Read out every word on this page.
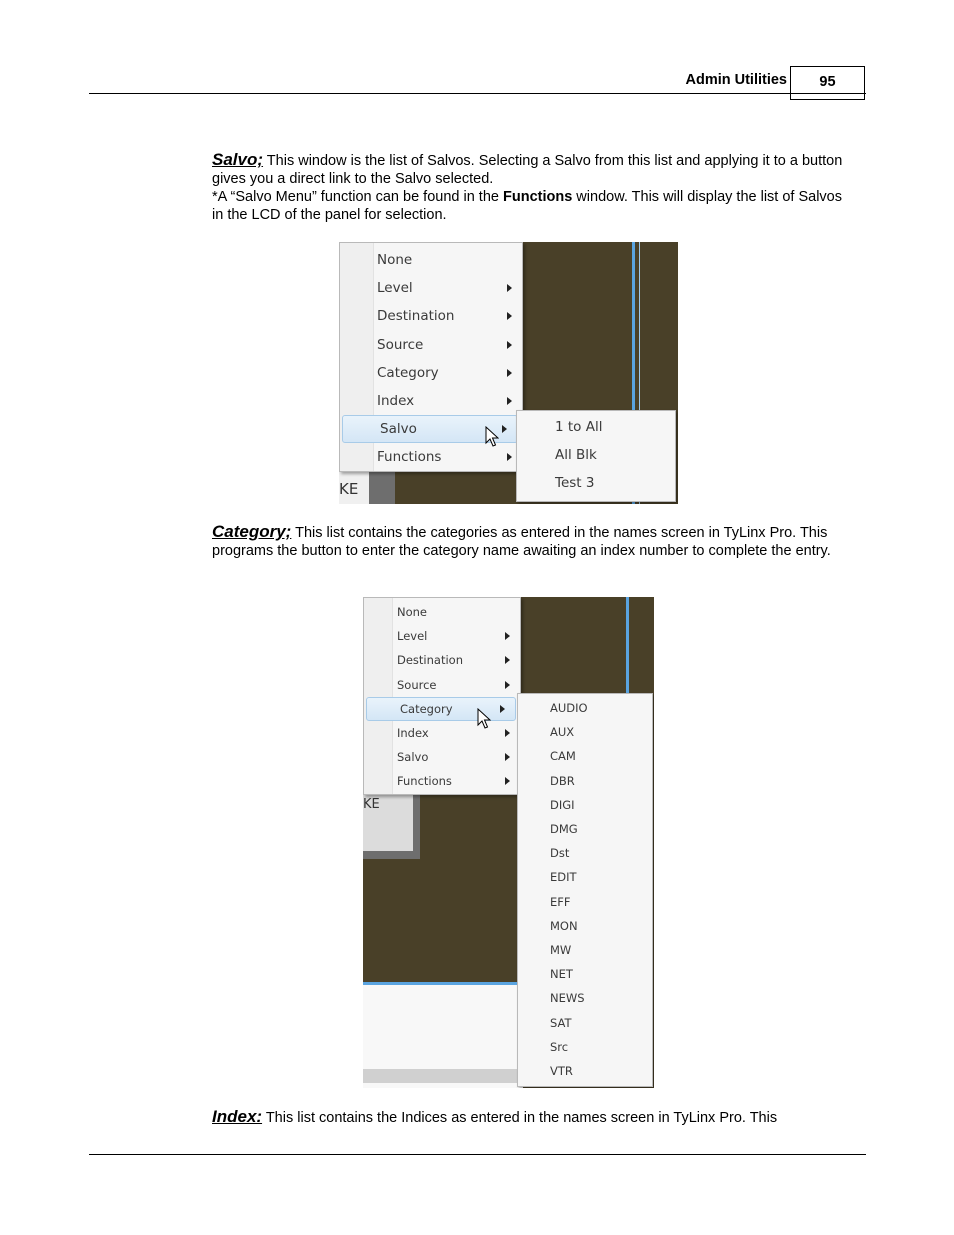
Admin Utilities	95
Salvo; This window is the list of Salvos. Selecting a Salvo from this list and applying it to a button gives you a direct link to the Salvo selected.
*A “Salvo Menu” function can be found in the Functions window. This will display the list of Salvos in the LCD of the panel for selection.
KE
None
Level
Destination
Source
Category
Index
Salvo
Functions
1 to All
All Blk
Test 3
Category; This list contains the categories as entered in the names screen in TyLinx Pro. This programs the button to enter the category name awaiting an index number to complete the entry.
KE
None
Level
Destination
Source
Category
Index
Salvo
Functions
AUDIO
AUX
CAM
DBR
DIGI
DMG
Dst
EDIT
EFF
MON
MW
NET
NEWS
SAT
Src
VTR
Index: This list contains the Indices as entered in the names screen in TyLinx Pro. This
